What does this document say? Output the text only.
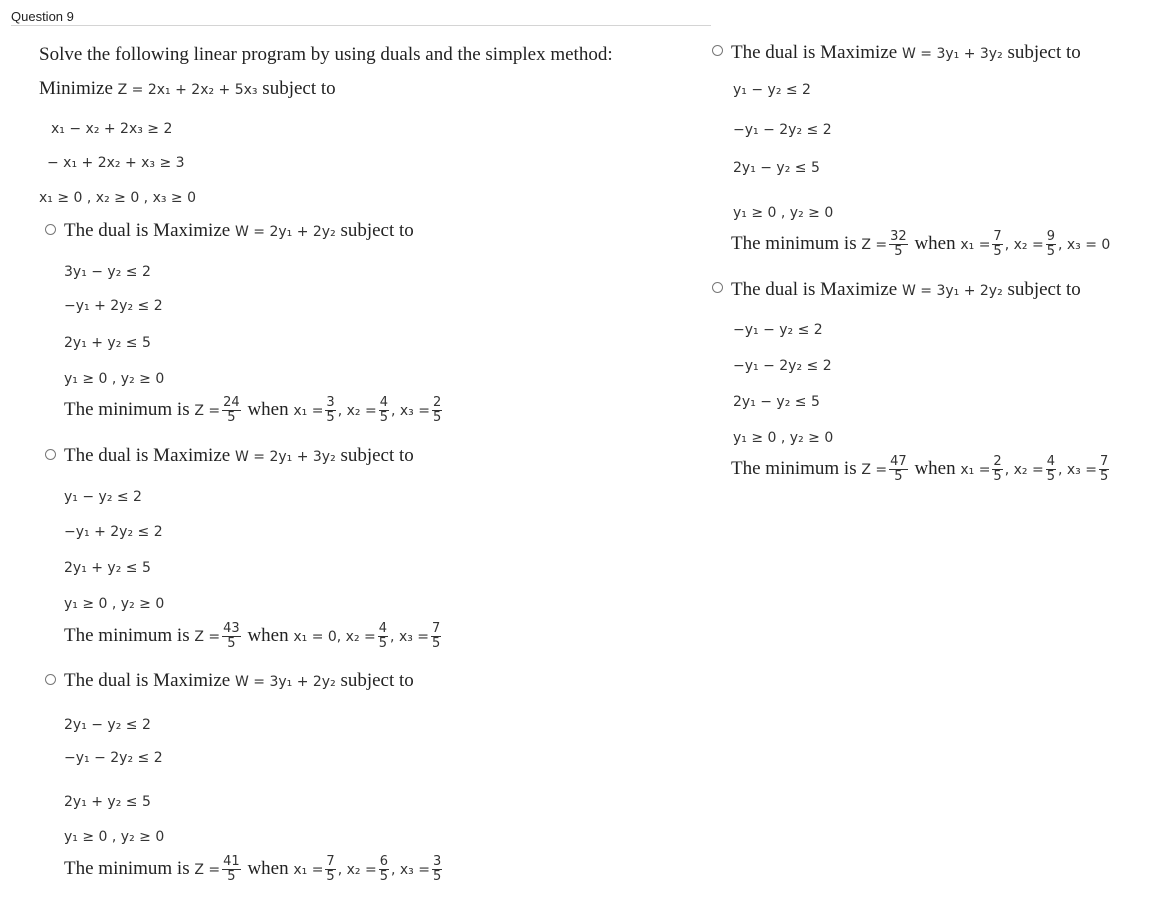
Question 9
Solve the following linear program by using duals and the simplex method:
Minimize Z = 2x₁ + 2x₂ + 5x₃ subject to
x₁ − x₂ + 2x₃ ≥ 2
− x₁ + 2x₂ + x₃ ≥ 3
x₁ ≥ 0 , x₂ ≥ 0 , x₃ ≥ 0
The dual is Maximize W = 2y₁ + 2y₂ subject to
3y₁ − y₂ ≤ 2
−y₁ + 2y₂ ≤ 2
2y₁ + y₂ ≤ 5
y₁ ≥ 0 , y₂ ≥ 0
The minimum is $Z = \frac{24}{5}$ when $x_1 = \frac{3}{5}$ , $x_2 = \frac{4}{5}$ , $x_3 = \frac{2}{5}$
The dual is Maximize W = 2y₁ + 3y₂ subject to
y₁ − y₂ ≤ 2
−y₁ + 2y₂ ≤ 2
2y₁ + y₂ ≤ 5
y₁ ≥ 0 , y₂ ≥ 0
The minimum is $Z = \frac{43}{5}$ when x₁ = 0, $x_2 = \frac{4}{5}$ , $x_3 = \frac{7}{5}$
The dual is Maximize W = 3y₁ + 2y₂ subject to
2y₁ − y₂ ≤ 2
−y₁ − 2y₂ ≤ 2
2y₁ + y₂ ≤ 5
y₁ ≥ 0 , y₂ ≥ 0
The minimum is $Z = \frac{41}{5}$ when $x_1 = \frac{7}{5}$ , $x_2 = \frac{6}{5}$ , $x_3 = \frac{3}{5}$
The dual is Maximize W = 3y₁ + 3y₂ subject to
y₁ − y₂ ≤ 2
−y₁ − 2y₂ ≤ 2
2y₁ − y₂ ≤ 5
y₁ ≥ 0 , y₂ ≥ 0
The minimum is $Z = \frac{32}{5}$ when $x_1 = \frac{7}{5}$ , $x_2 = \frac{9}{5}$ , x₃ = 0
The dual is Maximize W = 3y₁ + 2y₂ subject to
−y₁ − y₂ ≤ 2
−y₁ − 2y₂ ≤ 2
2y₁ − y₂ ≤ 5
y₁ ≥ 0 , y₂ ≥ 0
The minimum is $Z = \frac{47}{5}$ when $x_1 = \frac{2}{5}$ , $x_2 = \frac{4}{5}$ , $x_3 = \frac{7}{5}$
